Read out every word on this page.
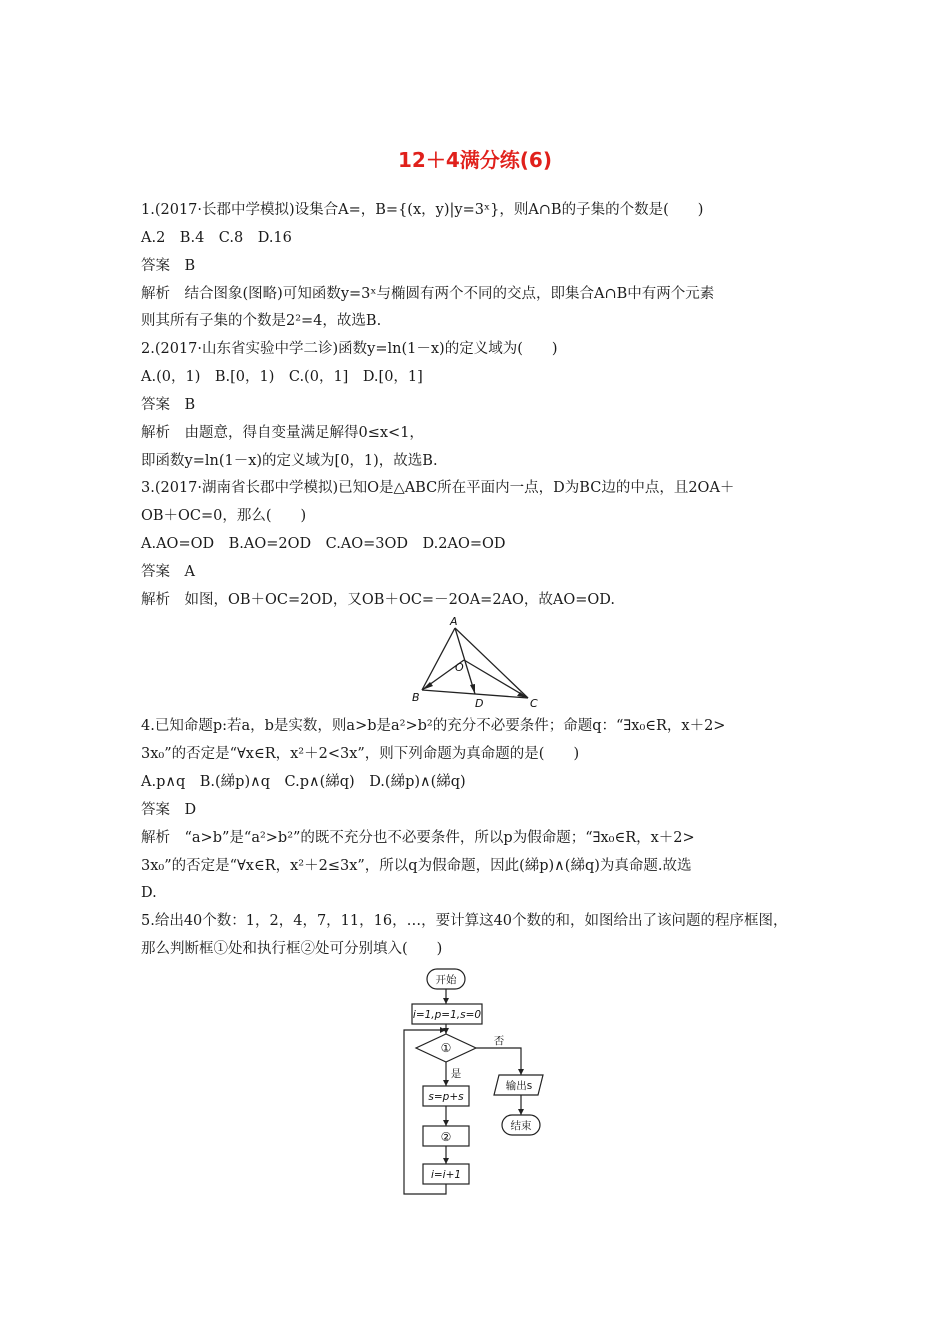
12＋4满分练(6)
1.(2017·长郡中学模拟)设集合A=，B={(x，y)|y=3ˣ}，则A∩B的子集的个数是(　　)
A.2　B.4　C.8　D.16
答案　B
解析　结合图象(图略)可知函数y=3ˣ与椭圆有两个不同的交点，即集合A∩B中有两个元素
则其所有子集的个数是2²=4，故选B.
2.(2017·山东省实验中学二诊)函数y=ln(1－x)的定义域为(　　)
A.(0，1)　B.[0，1)　C.(0，1]　D.[0，1]
答案　B
解析　由题意，得自变量满足解得0≤x<1，
即函数y=ln(1－x)的定义域为[0，1)，故选B.
3.(2017·湖南省长郡中学模拟)已知O是△ABC所在平面内一点，D为BC边的中点，且2OA＋
OB＋OC=0，那么(　　)
A.AO=OD　B.AO=2OD　C.AO=3OD　D.2AO=OD
答案　A
解析　如图，OB＋OC=2OD，又OB＋OC=－2OA=2AO，故AO=OD.
A
B	C
O
D
4.已知命题p:若a，b是实数，则a>b是a²>b²的充分不必要条件；命题q：“∃x₀∈R，x＋2>
3x₀”的否定是“∀x∈R，x²＋2<3x”，则下列命题为真命题的是(　　)
A.p∧q　B.(綈p)∧q　C.p∧(綈q)　D.(綈p)∧(綈q)
答案　D
解析　“a>b”是“a²>b²”的既不充分也不必要条件，所以p为假命题；“∃x₀∈R，x＋2>
3x₀”的否定是“∀x∈R，x²＋2≤3x”，所以q为假命题，因此(綈p)∧(綈q)为真命题.故选
D.
5.给出40个数：1，2，4，7，11，16，…，要计算这40个数的和，如图给出了该问题的程序框图，
那么判断框①处和执行框②处可分别填入(　　)
开始
i=1,p=1,s=0
①	否
是
s=p+s
②
i=i+1
输出s
结束
